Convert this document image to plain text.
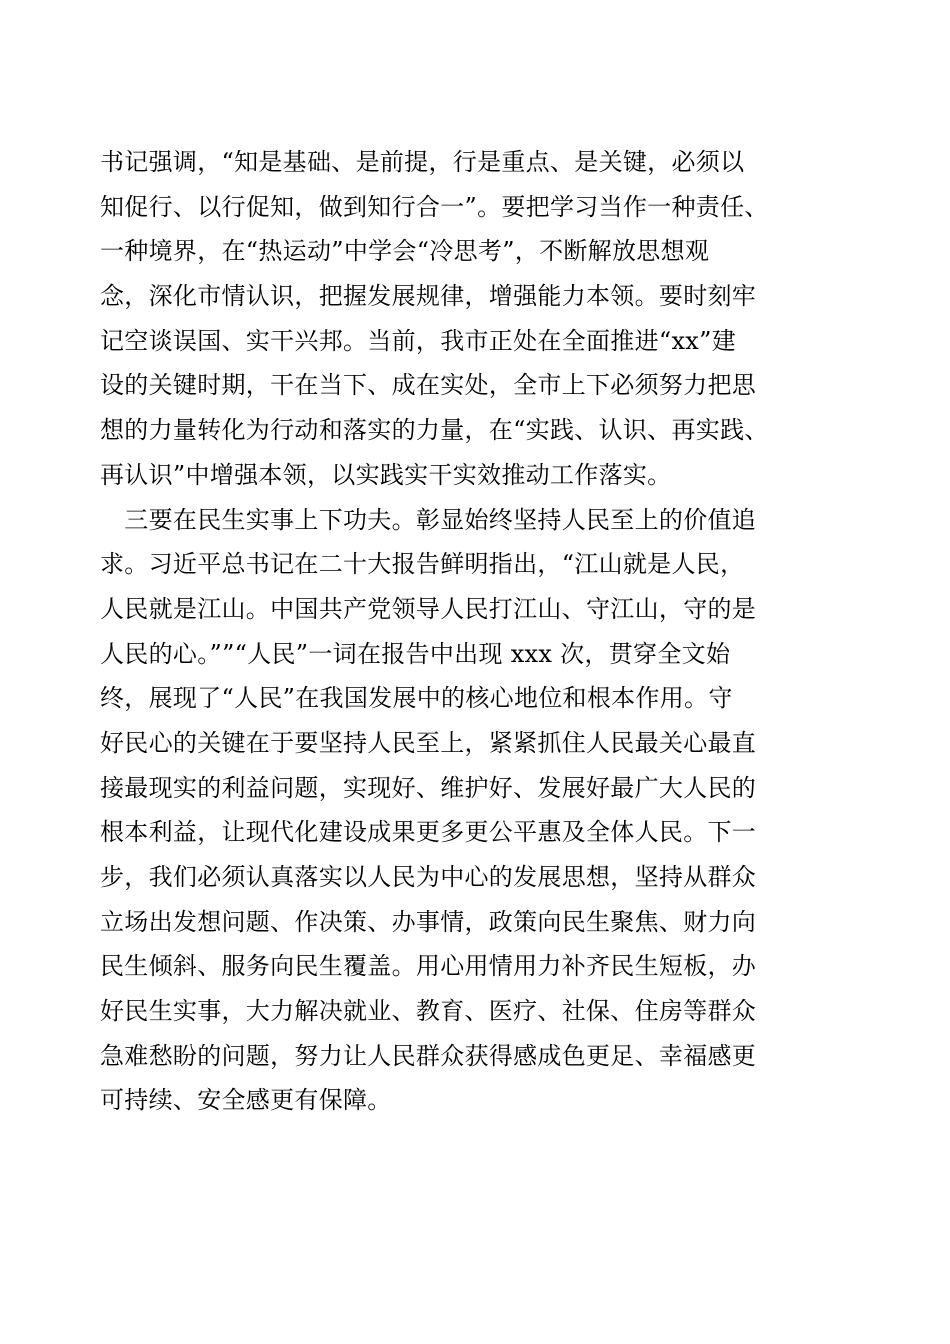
书记强调，“知是基础、是前提，行是重点、是关键，必须以
知促行、以行促知，做到知行合一”。要把学习当作一种责任、
一种境界，在“热运动”中学会“冷思考”，不断解放思想观
念，深化市情认识，把握发展规律，增强能力本领。要时刻牢
记空谈误国、实干兴邦。当前，我市正处在全面推进“xx”建
设的关键时期，干在当下、成在实处，全市上下必须努力把思
想的力量转化为行动和落实的力量，在“实践、认识、再实践、
再认识”中增强本领，以实践实干实效推动工作落实。
　三要在民生实事上下功夫。彰显始终坚持人民至上的价值追
求。习近平总书记在二十大报告鲜明指出，“江山就是人民，
人民就是江山。中国共产党领导人民打江山、守江山，守的是
人民的心。””“人民”一词在报告中出现 xxx 次，贯穿全文始
终，展现了“人民”在我国发展中的核心地位和根本作用。守
好民心的关键在于要坚持人民至上，紧紧抓住人民最关心最直
接最现实的利益问题，实现好、维护好、发展好最广大人民的
根本利益，让现代化建设成果更多更公平惠及全体人民。下一
步，我们必须认真落实以人民为中心的发展思想，坚持从群众
立场出发想问题、作决策、办事情，政策向民生聚焦、财力向
民生倾斜、服务向民生覆盖。用心用情用力补齐民生短板，办
好民生实事，大力解决就业、教育、医疗、社保、住房等群众
急难愁盼的问题，努力让人民群众获得感成色更足、幸福感更
可持续、安全感更有保障。
